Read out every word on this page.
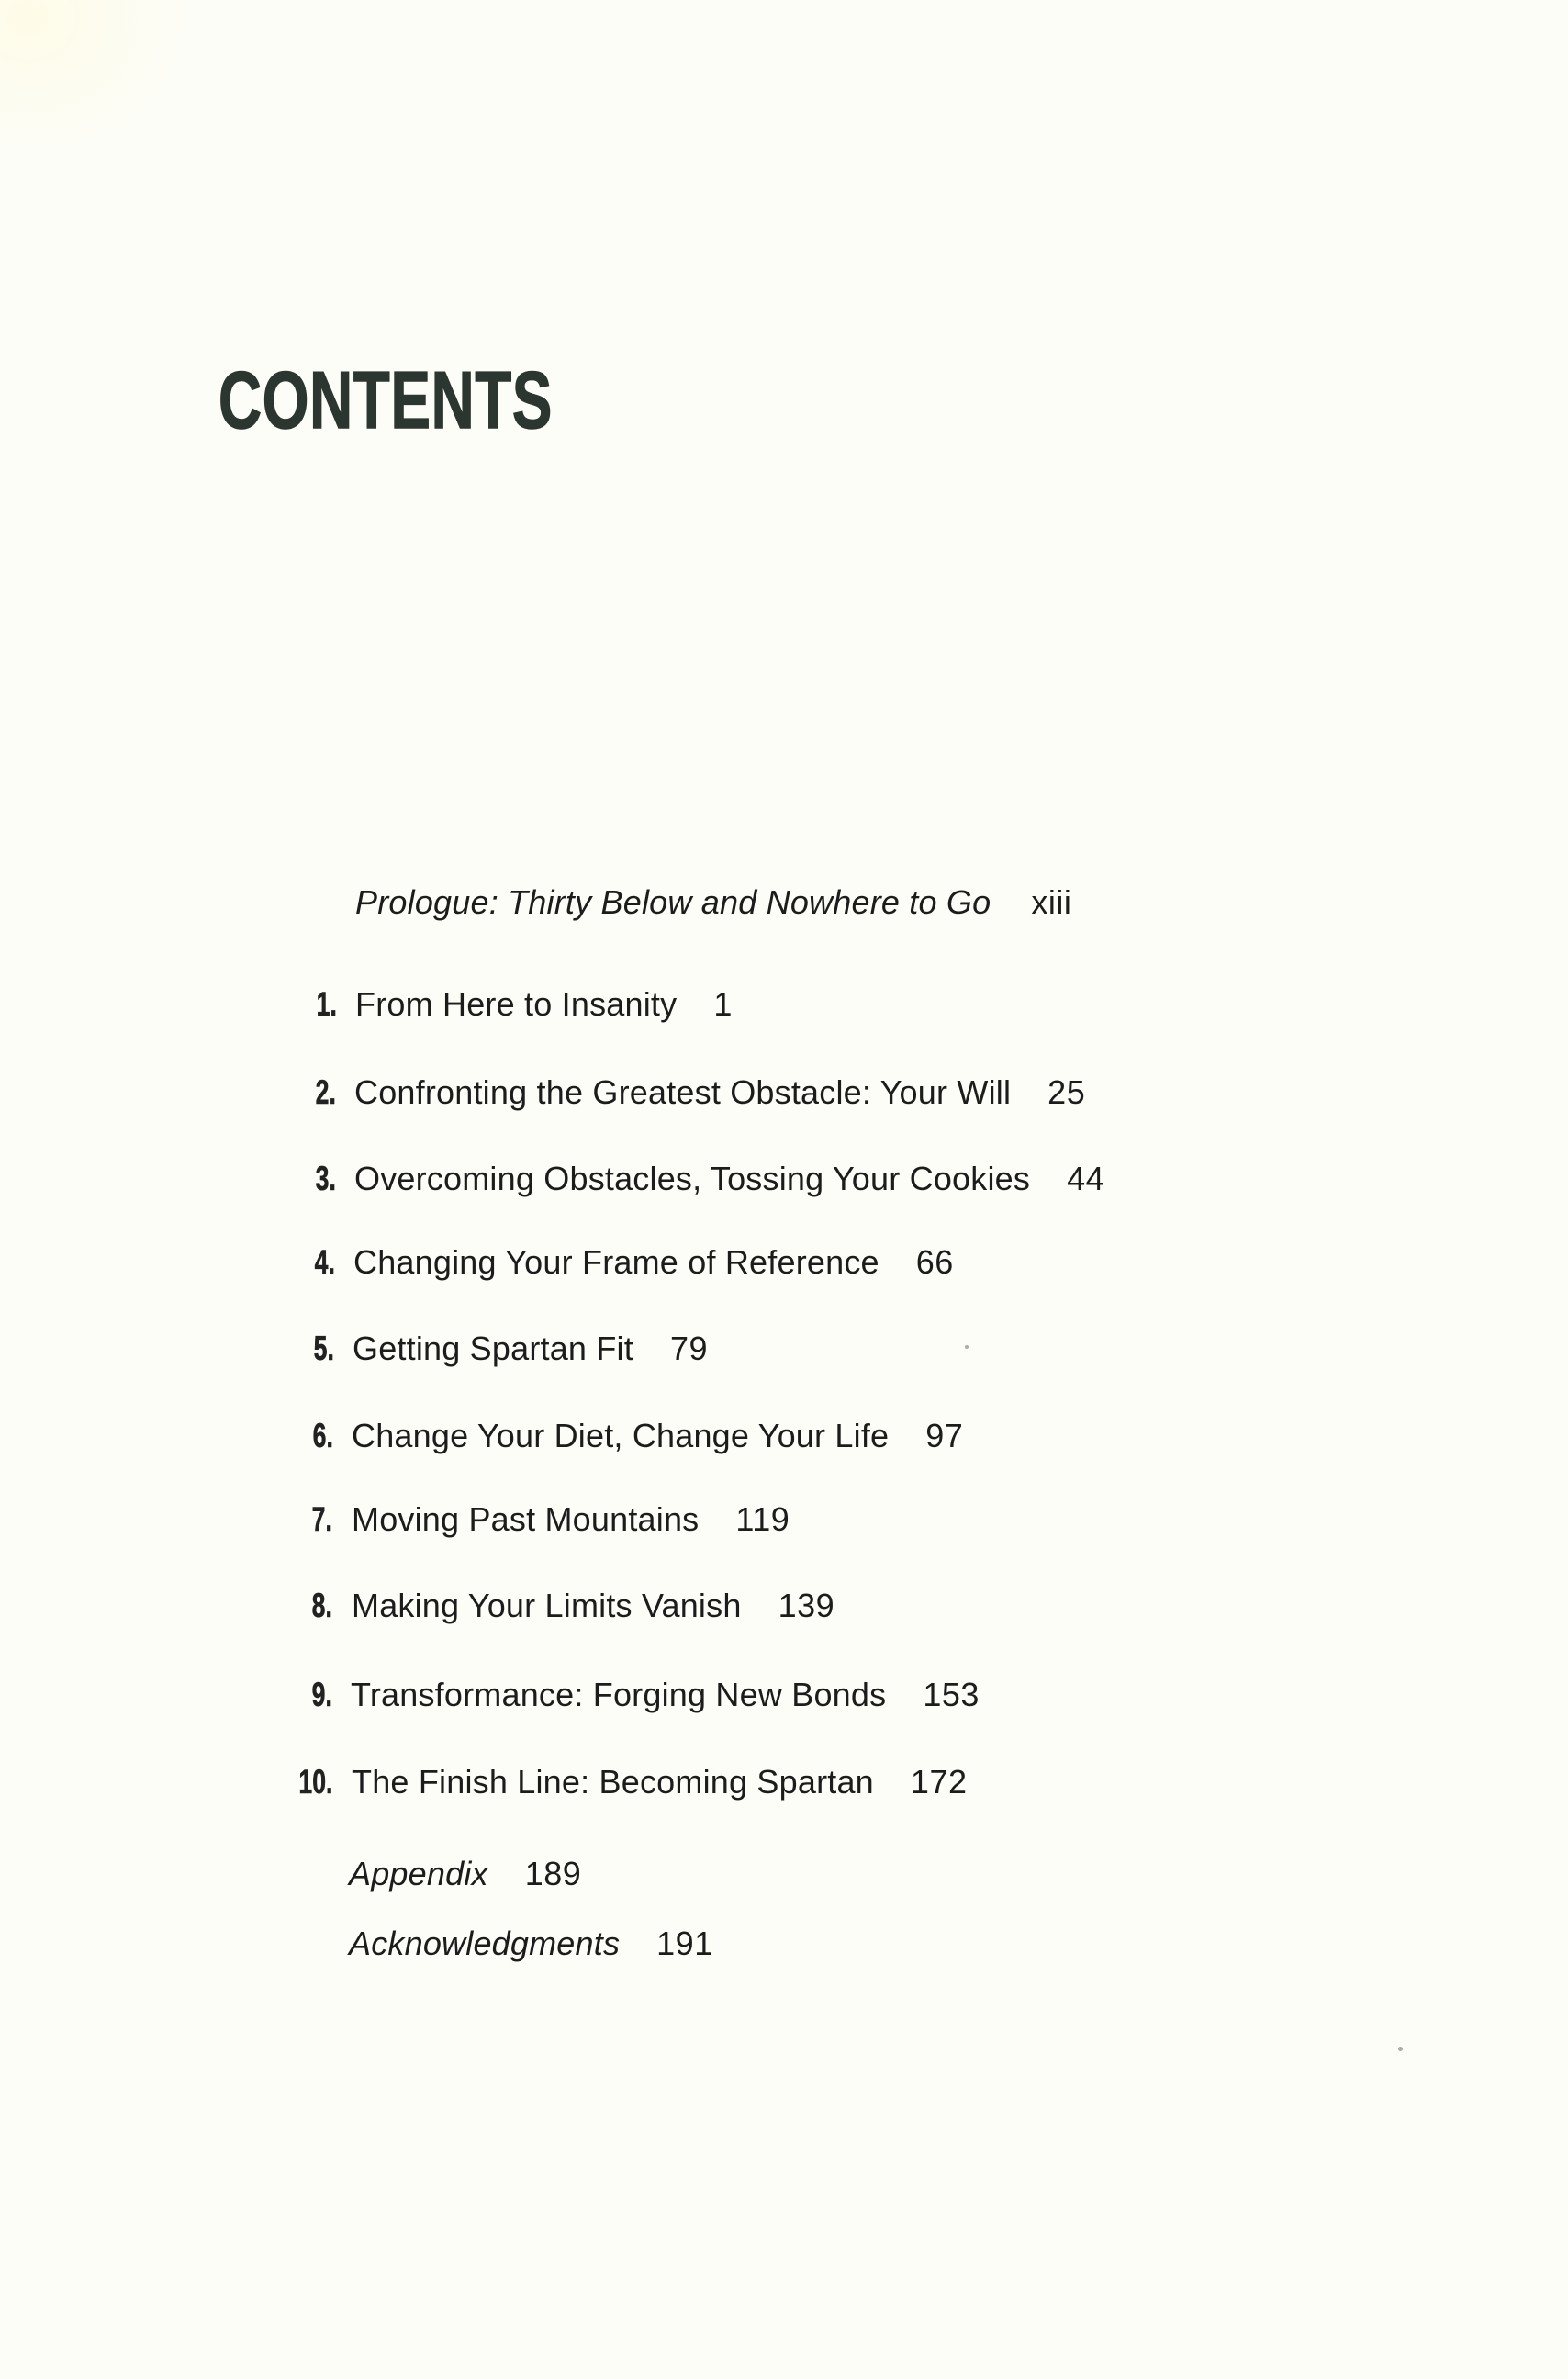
CONTENTS
Prologue: Thirty Below and Nowhere to Go xiii
1. From Here to Insanity 1
2. Confronting the Greatest Obstacle: Your Will 25
3. Overcoming Obstacles, Tossing Your Cookies 44
4. Changing Your Frame of Reference 66
5. Getting Spartan Fit 79
6. Change Your Diet, Change Your Life 97
7. Moving Past Mountains 119
8. Making Your Limits Vanish 139
9. Transformance: Forging New Bonds 153
10. The Finish Line: Becoming Spartan 172
Appendix 189
Acknowledgments 191
